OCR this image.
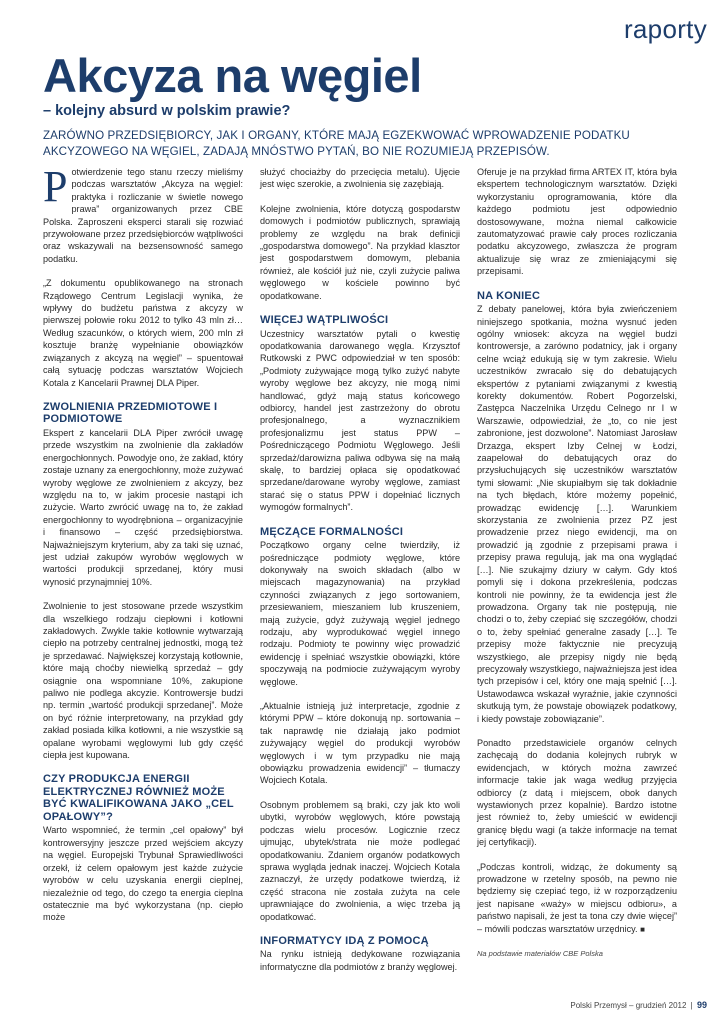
raporty
Akcyza na węgiel
– kolejny absurd w polskim prawie?
ZARÓWNO PRZEDSIĘBIORCY, JAK I ORGANY, KTÓRE MAJĄ EGZEKWOWAĆ WPROWADZENIE PODATKU AKCYZOWEGO NA WĘGIEL, ZADAJĄ MNÓSTWO PYTAŃ, BO NIE ROZUMIEJĄ PRZEPISÓW.

Potwierdzenie tego stanu rzeczy mieliśmy podczas warsztatów „Akcyza na węgiel: praktyka i rozliczanie w świetle nowego prawa” organizowanych przez CBE Polska. Zaproszeni eksperci starali się rozwiać przywołowane przez przedsiębiorców wątpliwości oraz wskazywali na bezsensowność samego podatku.

„Z dokumentu opublikowanego na stronach Rządowego Centrum Legislacji wynika, że wpływy do budżetu państwa z akcyzy w pierwszej połowie roku 2012 to tylko 43 mln zł… Według szacunków, o których wiem, 200 mln zł kosztuje branżę wypełnianie obowiązków związanych z akcyzą na węgiel” – spuentował całą sytuację podczas warsztatów Wojciech Kotala z Kancelarii Prawnej DLA Piper.

ZWOLNIENIA PRZEDMIOTOWE I PODMIOTOWE

Ekspert z kancelarii DLA Piper zwrócił uwagę przede wszystkim na zwolnienie dla zakładów energochłonnych. Powodyje ono, że zakład, który zostaje uznany za energochłonny, może zużywać wyroby węglowe ze zwolnieniem z akcyzy, bez względu na to, w jakim procesie nastąpi ich zużycie. Warto zwrócić uwagę na to, że zakład energochłonny to wyodrębniona – organizacyjnie i finansowo – część przedsiębiorstwa. Najważniejszym kryterium, aby za taki się uznać, jest udział zakupów wyrobów węglowych w wartości produkcji sprzedanej, który musi wynosić przynajmniej 10%.

Zwolnienie to jest stosowane przede wszystkim dla wszelkiego rodzaju ciepłowni i kotłowni zakładowych. Zwykle takie kotłownie wytwarzają ciepło na potrzeby centralnej jednostki, mogą też je sprzedawać. Największej korzystają kotłownie, które mają choćby niewielką sprzedaż – gdy osiągnie ona wspomniane 10%, zakupione paliwo nie podlega akcyzie. Kontrowersje budzi np. termin „wartość produkcji sprzedanej”. Może on być różnie interpretowany, na przykład gdy zakład posiada kilka kotłowni, a nie wszystkie są opalane wyrobami węglowymi lub gdy część ciepła jest kupowana.

CZY PRODUKCJA ENERGII ELEKTRYCZNEJ RÓWNIEŻ MOŻE BYĆ KWALIFIKOWANA JAKO „CEL OPAŁOWY”?

Warto wspomnieć, że termin „cel opałowy” był kontrowersyjny jeszcze przed wejściem akcyzy na węgiel. Europejski Trybunał Sprawiedliwości orzekł, iż celem opałowym jest każde zużycie wyrobów w celu uzyskania energii cieplnej, niezależnie od tego, do czego ta energia cieplna ostatecznie ma być wykorzystana (np. ciepło może

służyć chociażby do przecięcia metalu). Ujęcie jest więc szerokie, a zwolnienia się zazębiają.

Kolejne zwolnienia, które dotyczą gospodarstw domowych i podmiotów publicznych, sprawiają problemy ze względu na brak definicji „gospodarstwa domowego”. Na przykład klasztor jest gospodarstwem domowym, plebania również, ale kościół już nie, czyli zużycie paliwa węglowego w kościele powinno być opodatkowane.

WIĘCEJ WĄTPLIWOŚCI

Uczestnicy warsztatów pytali o kwestię opodatkowania darowanego węgla. Krzysztof Rutkowski z PWC odpowiedział w ten sposób: „Podmioty zużywające mogą tylko zużyć nabyte wyroby węglowe bez akcyzy, nie mogą nimi handlować, gdyż mają status końcowego odbiorcy, handel jest zastrzeżony do obrotu profesjonalnego, a wyznacznikiem profesjonalizmu jest status PPW – Pośredniczącego Podmiotu Węglowego. Jeśli sprzedaż/darowizna paliwa odbywa się na małą skalę, to bardziej opłaca się opodatkować sprzedane/darowane wyroby węglowe, zamiast starać się o status PPW i dopełniać licznych wymogów formalnych”.

MĘCZĄCE FORMALNOŚCI

Początkowo organy celne twierdziły, iż pośredniczące podmioty węglowe, które dokonywały na swoich składach (albo w miejscach magazynowania) na przykład czynności związanych z jego sortowaniem, przesiewaniem, mieszaniem lub kruszeniem, mają zużycie, gdyż zużywają węgiel jednego rodzaju, aby wyprodukować węgiel innego rodzaju. Podmioty te powinny więc prowadzić ewidencję i spełniać wszystkie obowiązki, które spoczywają na podmiocie zużywającym wyroby węglowe.

„Aktualnie istnieją już interpretacje, zgodnie z którymi PPW – które dokonują np. sortowania – tak naprawdę nie działają jako podmiot zużywający węgiel do produkcji wyrobów węglowych i w tym przypadku nie mają obowiązku prowadzenia ewidencji” – tłumaczy Wojciech Kotala.

Osobnym problemem są braki, czy jak kto woli ubytki, wyrobów węglowych, które powstają podczas wielu procesów. Logicznie rzecz ujmując, ubytek/strata nie może podlegać opodatkowaniu. Zdaniem organów podatkowych sprawa wygląda jednak inaczej. Wojciech Kotala zaznaczył, że urzędy podatkowe twierdzą, iż część stracona nie została zużyta na cele uprawniające do zwolnienia, a więc trzeba ją opodatkować.

INFORMATYCY IDĄ Z POMOCĄ

Na rynku istnieją dedykowane rozwiązania informatyczne dla podmiotów z branży węglowej.

Oferuje je na przykład firma ARTEX IT, która była ekspertem technologicznym warsztatów. Dzięki wykorzystaniu oprogramowania, które dla każdego podmiotu jest odpowiednio dostosowywane, można niemal całkowicie zautomatyzować prawie cały proces rozliczania podatku akcyzowego, zwłaszcza że program aktualizuje się wraz ze zmieniającymi się przepisami.

NA KONIEC

Z debaty panelowej, która była zwieńczeniem niniejszego spotkania, można wysnuć jeden ogólny wniosek: akcyza na węgiel budzi kontrowersje, a zarówno podatnicy, jak i organy celne wciąż edukują się w tym zakresie. Wielu uczestników zwracało się do debatujących ekspertów z pytaniami związanymi z kwestią korekty dokumentów. Robert Pogorzelski, Zastępca Naczelnika Urzędu Celnego nr I w Warszawie, odpowiedział, że „to, co nie jest zabronione, jest dozwolone”. Natomiast Jarosław Drzazga, ekspert Izby Celnej w Łodzi, zaapelował do debatujących oraz do przysłuchujących się uczestników warsztatów tymi słowami: „Nie skupiałbym się tak dokładnie na tych błędach, które możemy popełnić, prowadząc ewidencję […]. Warunkiem skorzystania ze zwolnienia przez PZ jest prowadzenie przez niego ewidencji, ma on prowadzić ją zgodnie z przepisami prawa i przepisy prawa regulują, jak ma ona wyglądać […]. Nie szukajmy dziury w całym. Gdy ktoś pomyli się i dokona przekreślenia, podczas kontroli nie powinny, że ta ewidencja jest źle prowadzona. Organy tak nie postępują, nie chodzi o to, żeby czepiać się szczegółów, chodzi o to, żeby spełniać generalne zasady […]. Te przepisy może faktycznie nie precyzują wszystkiego, ale przepisy nigdy nie będą precyzowały wszystkiego, najważniejsza jest idea tych przepisów i cel, który one mają spełnić […]. Ustawodawca wskazał wyraźnie, jakie czynności skutkują tym, że powstaje obowiązek podatkowy, i kiedy powstaje zobowiązanie”.

Ponadto przedstawiciele organów celnych zachęcają do dodania kolejnych rubryk w ewidencjach, w których można zawrzeć informacje takie jak waga według przyjęcia odbiorcy (z datą i miejscem, obok danych wystawionych przez kopalnie). Bardzo istotne jest również to, żeby umieścić w ewidencji granicę błędu wagi (a także informacje na temat jej certyfikacji).

„Podczas kontroli, widząc, że dokumenty są prowadzone w rzetelny sposób, na pewno nie będziemy się czepiać tego, iż w rozporządzeniu jest napisane «waży» w miejscu odbioru», a państwo napisali, że jest ta tona czy dwie więcej” – mówili podczas warsztatów urzędnicy. ■

Na podstawie materiałów CBE Polska
Polski Przemysł – grudzień 2012 | 99
